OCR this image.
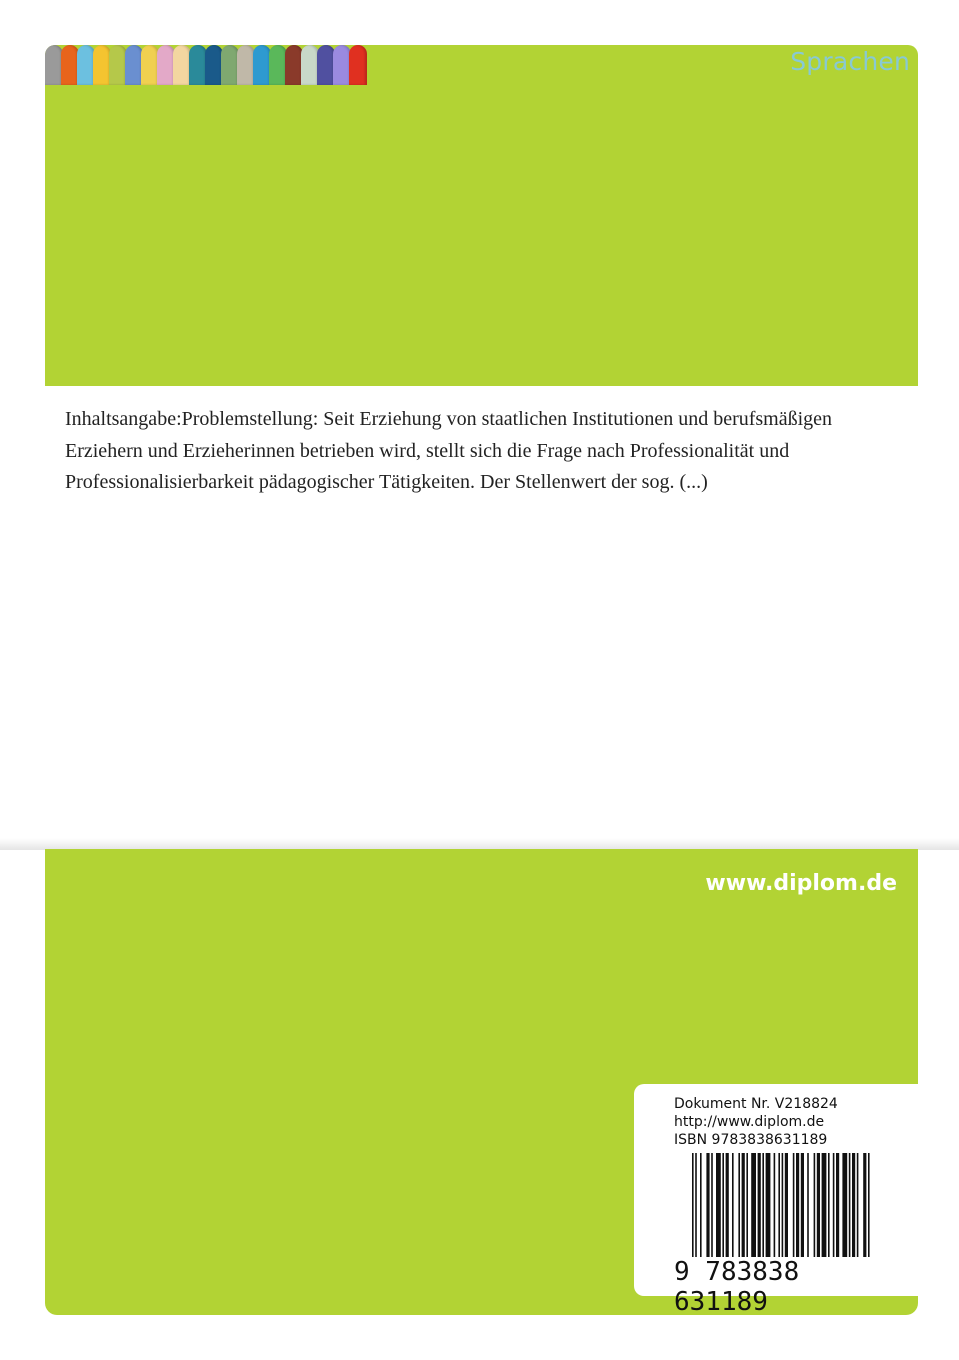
Sprachen

Inhaltsangabe:Problemstellung: Seit Erziehung von staatlichen Institutionen und berufsmäßigen Erziehern und Erzieherinnen betrieben wird, stellt sich die Frage nach Professionalität und Professionalisierbarkeit pädagogischer Tätigkeiten. Der Stellenwert der sog. (...)

www.diplom.de
Dokument Nr. V218824
http://www.diplom.de
ISBN 9783838631189
9 783838 631189
